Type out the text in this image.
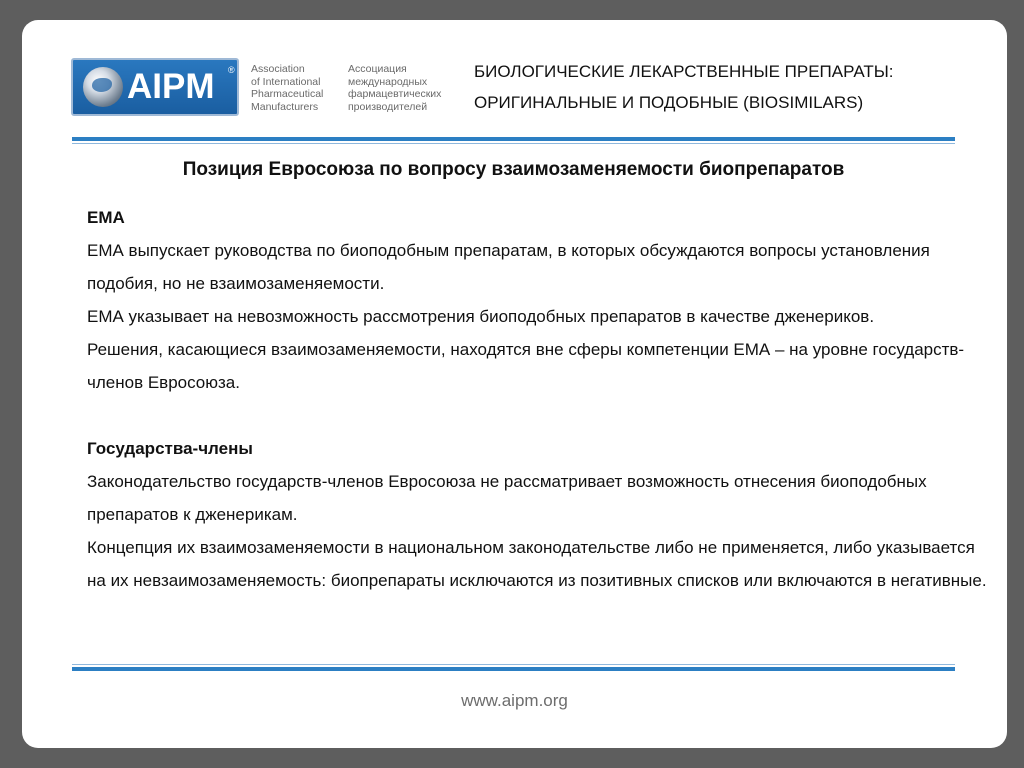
AIPM ® Association
of International
Pharmaceutical
Manufacturers
Ассоциация
международных
фармацевтических
производителей
БИОЛОГИЧЕСКИЕ ЛЕКАРСТВЕННЫЕ ПРЕПАРАТЫ:
ОРИГИНАЛЬНЫЕ И ПОДОБНЫЕ (BIOSIMILARS)
Позиция Евросоюза по вопросу взаимозаменяемости биопрепаратов

EMA

ЕМА выпускает руководства по биоподобным препаратам, в которых обсуждаются вопросы установления подобия, но не взаимозаменяемости.

ЕМА указывает на невозможность рассмотрения биоподобных препаратов в качестве дженериков.

Решения, касающиеся взаимозаменяемости, находятся вне сферы компетенции ЕМА – на уровне государств-членов Евросоюза.

Государства-члены

Законодательство государств-членов Евросоюза не рассматривает возможность отнесения биоподобных препаратов к дженерикам.

Концепция их взаимозаменяемости в национальном законодательстве либо не применяется, либо указывается на их невзаимозаменяемость: биопрепараты исключаются из позитивных списков или включаются в негативные.

www.aipm.org
